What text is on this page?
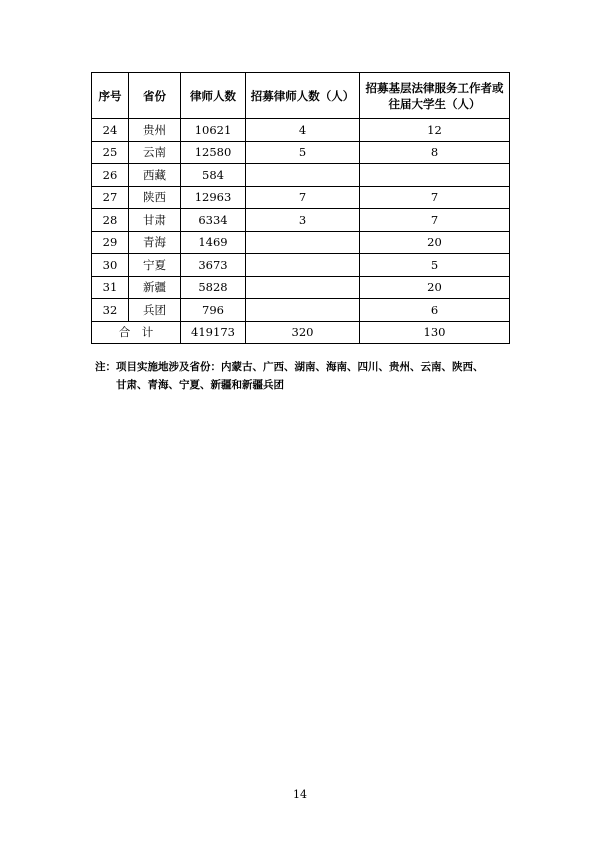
序号	省份	律师人数	招募律师人数（人）	招募基层法律服务工作者或往届大学生（人）

24	贵州	10621	4	12
25	云南	12580	5	8
26	西藏	584		
27	陕西	12963	7	7
28	甘肃	6334	3	7
29	青海	1469		20
30	宁夏	3673		5
31	新疆	5828		20
32	兵团	796		6
合　计		419173	320	130
注：项目实施地涉及省份：内蒙古、广西、湖南、海南、四川、贵州、云南、陕西、
甘肃、青海、宁夏、新疆和新疆兵团
14
